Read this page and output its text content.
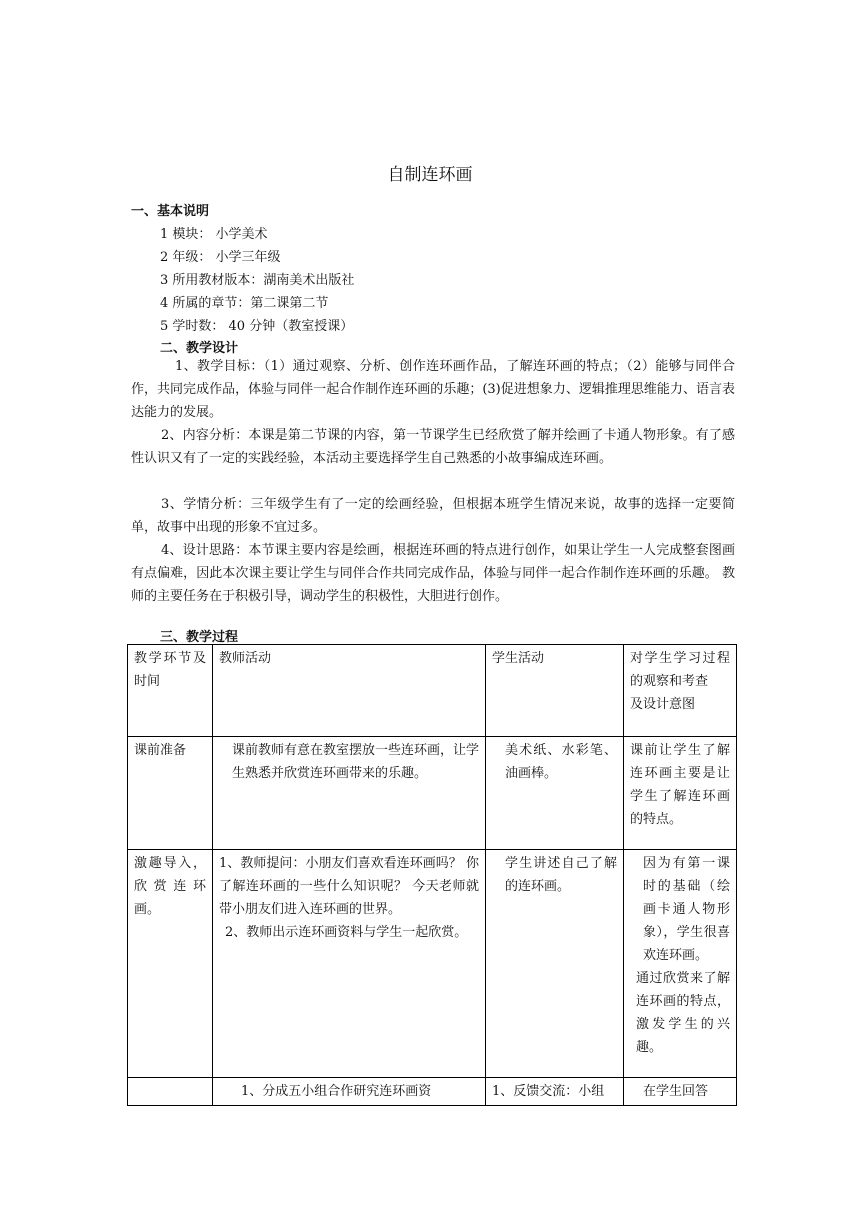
自制连环画
一、基本说明
1 模块： 小学美术
2 年级： 小学三年级
3 所用教材版本：湖南美术出版社
4 所属的章节：第二课第二节
5 学时数： 40 分钟（教室授课）
二、教学设计
1、教学目标：（1）通过观察、分析、创作连环画作品，了解连环画的特点；（2）能够与同伴合作，共同完成作品，体验与同伴一起合作制作连环画的乐趣；(3)促进想象力、逻辑推理思维能力、语言表达能力的发展。
2、内容分析：本课是第二节课的内容，第一节课学生已经欣赏了解并绘画了卡通人物形象。有了感性认识又有了一定的实践经验，本活动主要选择学生自己熟悉的小故事编成连环画。
3、学情分析：三年级学生有了一定的绘画经验，但根据本班学生情况来说，故事的选择一定要简单，故事中出现的形象不宜过多。
4、设计思路：本节课主要内容是绘画，根据连环画的特点进行创作，如果让学生一人完成整套图画有点偏难，因此本次课主要让学生与同伴合作共同完成作品，体验与同伴一起合作制作连环画的乐趣。 教师的主要任务在于积极引导，调动学生的积极性，大胆进行创作。
三、教学过程
教学环节及时间	教师活动	学生活动	对学生学习过程的观察和考查
及设计意图

课前准备	课前教师有意在教室摆放一些连环画，让学生熟悉并欣赏连环画带来的乐趣。	美术纸、水彩笔、油画棒。	课前让学生了解连环画主要是让学生了解连环画的特点。

激趣导入，欣赏连环画。	1、教师提问：小朋友们喜欢看连环画吗？ 你了解连环画的一些什么知识呢？ 今天老师就带小朋友们进入连环画的世界。
2、教师出示连环画资料与学生一起欣赏。	学生讲述自己了解的连环画。	因为有第一课时的基础（绘画卡通人物形象），学生很喜欢连环画。
通过欣赏来了解连环画的特点，激发学生的兴趣。

	1、分成五小组合作研究连环画资	1、反馈交流：小组	在学生回答
